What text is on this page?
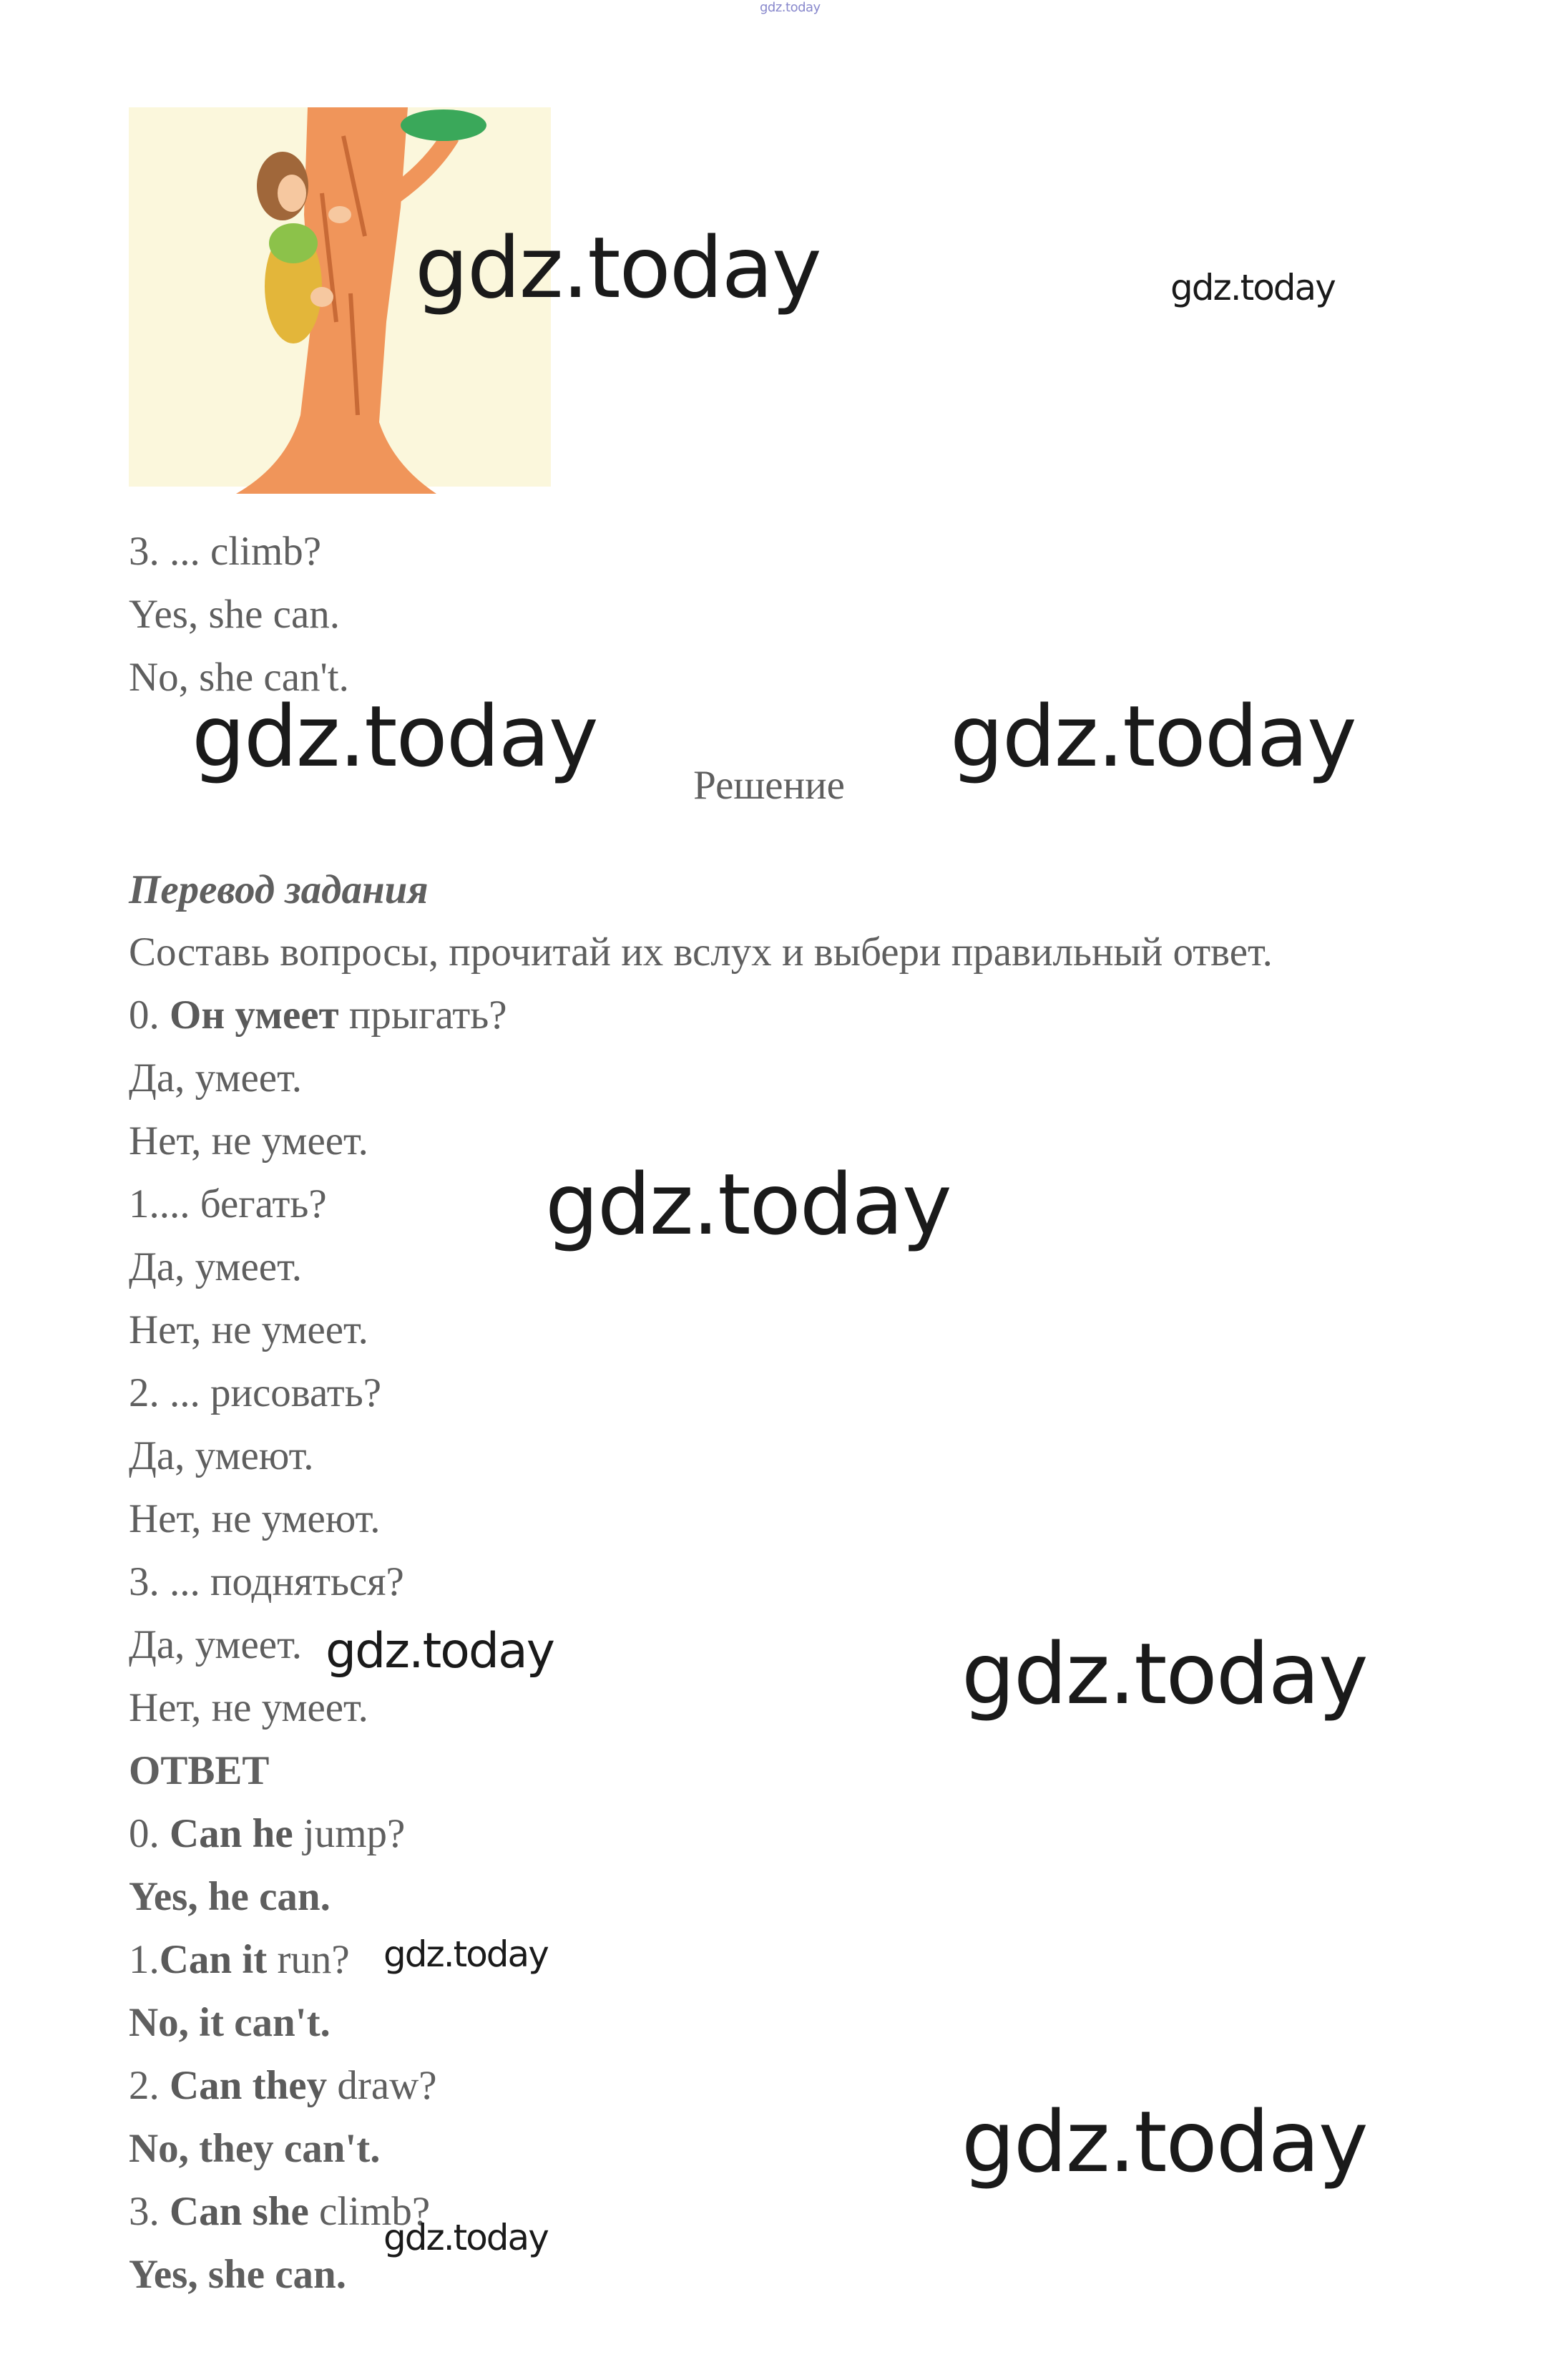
gdz.today
gdz.today	gdz.today
3. ... climb?
Yes, she can.
No, she can't.
gdz.today	gdz.today
Решение
Перевод задания
Составь вопросы, прочитай их вслух и выбери правильный ответ.
0. Он умеет прыгать?
Да, умеет.
Нет, не умеет.
1.... бегать?
Да, умеет.
Нет, не умеет.
2. ... рисовать?
Да, умеют.
Нет, не умеют.
3. ... подняться?
Да, умеет.
Нет, не умеет.
gdz.today
gdz.today	gdz.today
ОТВЕТ
0. Can he jump?
Yes, he can.
1.Can it run?
No, it can't.
2. Can they draw?
No, they can't.
3. Can she climb?
Yes, she can.
gdz.today
gdz.today
gdz.today
